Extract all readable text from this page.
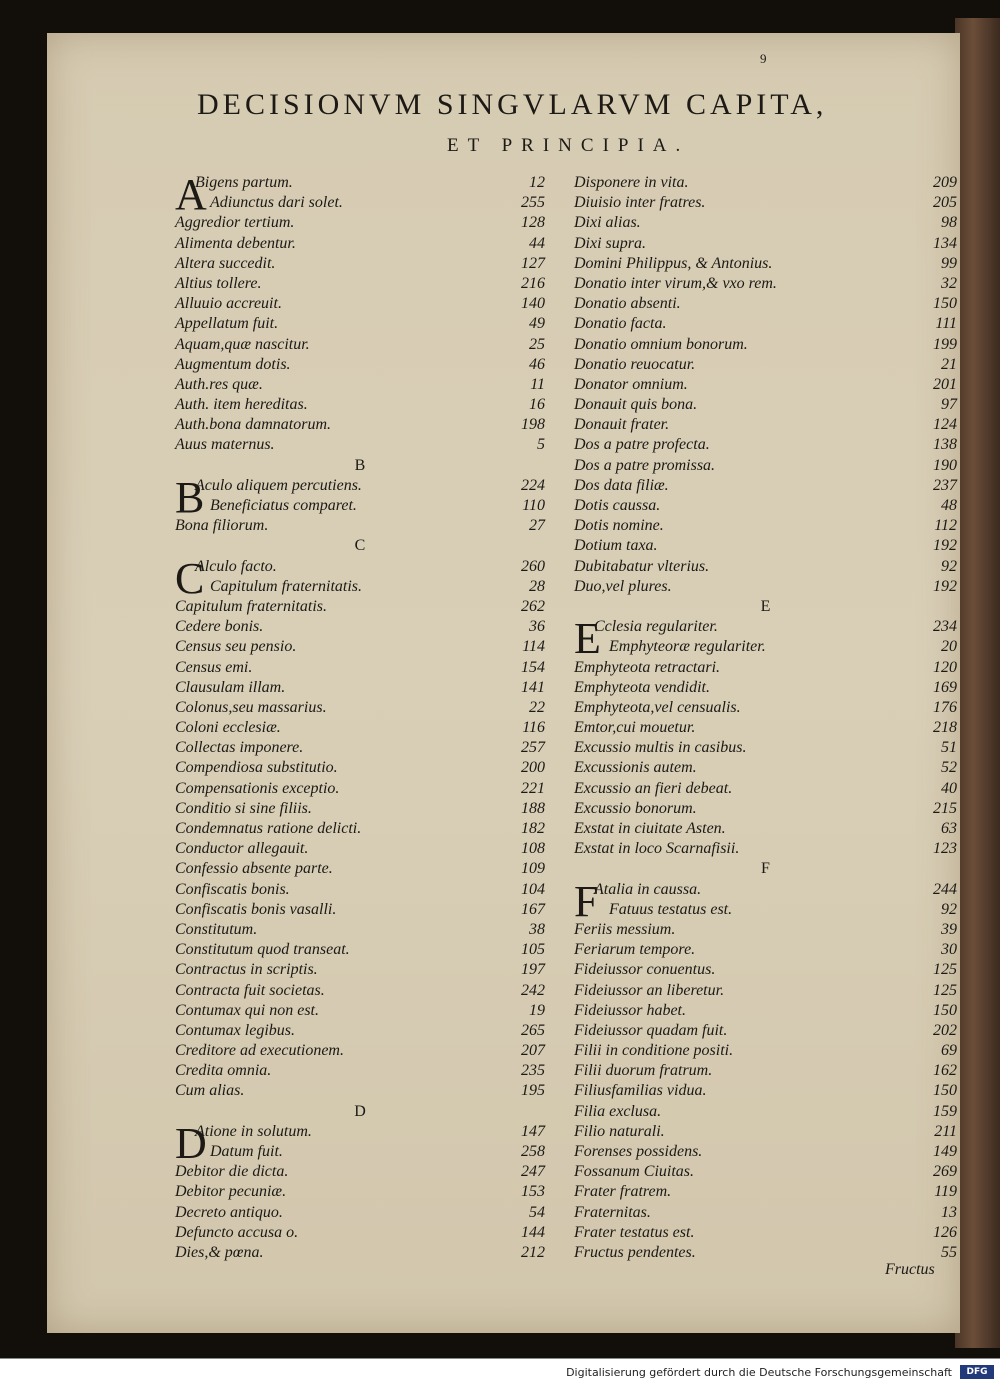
9
DECISIONVM SINGVLARVM CAPITA,
ET PRINCIPIA.
A
Bigens partum.	12
Adiunctus dari solet.	255
Aggredior tertium.	128
Alimenta debentur.	44
Altera succedit.	127
Altius tollere.	216
Alluuio accreuit.	140
Appellatum fuit.	49
Aquam,quæ nascitur.	25
Augmentum dotis.	46
Auth.res quæ.	11
Auth. item hereditas.	16
Auth.bona damnatorum.	198
Auus maternus.	5
B
B
Aculo aliquem percutiens.	224
Beneficiatus comparet.	110
Bona filiorum.	27
C
C
Alculo facto.	260
Capitulum fraternitatis.	28
Capitulum fraternitatis.	262
Cedere bonis.	36
Census seu pensio.	114
Census emi.	154
Clausulam illam.	141
Colonus,seu massarius.	22
Coloni ecclesiæ.	116
Collectas imponere.	257
Compendiosa substitutio.	200
Compensationis exceptio.	221
Conditio si sine filiis.	188
Condemnatus ratione delicti.	182
Conductor allegauit.	108
Confessio absente parte.	109
Confiscatis bonis.	104
Confiscatis bonis vasalli.	167
Constitutum.	38
Constitutum quod transeat.	105
Contractus in scriptis.	197
Contracta fuit societas.	242
Contumax qui non est.	19
Contumax legibus.	265
Creditore ad executionem.	207
Credita omnia.	235
Cum alias.	195
D
D
Atione in solutum.	147
Datum fuit.	258
Debitor die dicta.	247
Debitor pecuniæ.	153
Decreto antiquo.	54
Defuncto accusa o.	144
Dies,& pœna.	212
Disponere in vita.	209
Diuisio inter fratres.	205
Dixi alias.	98
Dixi supra.	134
Domini Philippus, & Antonius.	99
Donatio inter virum,& vxo rem.	32
Donatio absenti.	150
Donatio facta.	111
Donatio omnium bonorum.	199
Donatio reuocatur.	21
Donator omnium.	201
Donauit quis bona.	97
Donauit frater.	124
Dos a patre profecta.	138
Dos a patre promissa.	190
Dos data filiæ.	237
Dotis caussa.	48
Dotis nomine.	112
Dotium taxa.	192
Dubitabatur vlterius.	92
Duo,vel plures.	192
E
E
Cclesia regulariter.	234
Emphyteoræ regulariter.	20
Emphyteota retractari.	120
Emphyteota vendidit.	169
Emphyteota,vel censualis.	176
Emtor,cui mouetur.	218
Excussio multis in casibus.	51
Excussionis autem.	52
Excussio an fieri debeat.	40
Excussio bonorum.	215
Exstat in ciuitate Asten.	63
Exstat in loco Scarnafisii.	123
F
F
Atalia in caussa.	244
Fatuus testatus est.	92
Feriis messium.	39
Feriarum tempore.	30
Fideiussor conuentus.	125
Fideiussor an liberetur.	125
Fideiussor habet.	150
Fideiussor quadam fuit.	202
Filii in conditione positi.	69
Filii duorum fratrum.	162
Filiusfamilias vidua.	150
Filia exclusa.	159
Filio naturali.	211
Forenses possidens.	149
Fossanum Ciuitas.	269
Frater fratrem.	119
Fraternitas.	13
Frater testatus est.	126
Fructus pendentes.	55
Fructus
Digitalisierung gefördert durch die Deutsche Forschungsgemeinschaft	DFG
